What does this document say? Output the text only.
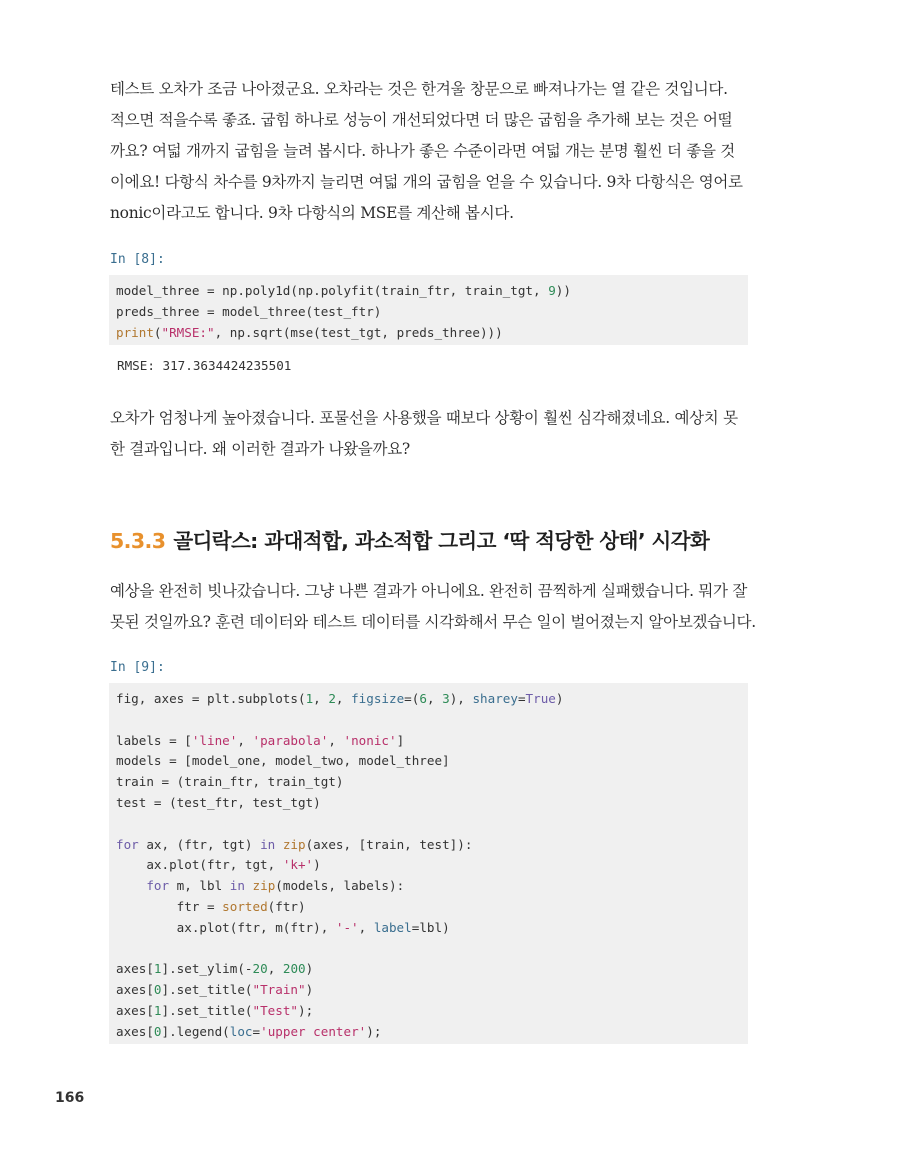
테스트 오차가 조금 나아졌군요. 오차라는 것은 한겨울 창문으로 빠져나가는 열 같은 것입니다.
적으면 적을수록 좋죠. 굽힘 하나로 성능이 개선되었다면 더 많은 굽힘을 추가해 보는 것은 어떨
까요? 여덟 개까지 굽힘을 늘려 봅시다. 하나가 좋은 수준이라면 여덟 개는 분명 훨씬 더 좋을 것
이에요! 다항식 차수를 9차까지 늘리면 여덟 개의 굽힘을 얻을 수 있습니다. 9차 다항식은 영어로
nonic이라고도 합니다. 9차 다항식의 MSE를 계산해 봅시다.

In [8]:

model_three = np.poly1d(np.polyfit(train_ftr, train_tgt, 9))
preds_three = model_three(test_ftr)
print("RMSE:", np.sqrt(mse(test_tgt, preds_three)))

RMSE: 317.3634424235501

오차가 엄청나게 높아졌습니다. 포물선을 사용했을 때보다 상황이 훨씬 심각해졌네요. 예상치 못
한 결과입니다. 왜 이러한 결과가 나왔을까요?
5.3.3 골디락스: 과대적합, 과소적합 그리고 ‘딱 적당한 상태’ 시각화
예상을 완전히 빗나갔습니다. 그냥 나쁜 결과가 아니에요. 완전히 끔찍하게 실패했습니다. 뭐가 잘
못된 것일까요? 훈련 데이터와 테스트 데이터를 시각화해서 무슨 일이 벌어졌는지 알아보겠습니다.

In [9]:

fig, axes = plt.subplots(1, 2, figsize=(6, 3), sharey=True)

labels = ['line', 'parabola', 'nonic']
models = [model_one, model_two, model_three]
train = (train_ftr, train_tgt)
test = (test_ftr, test_tgt)

for ax, (ftr, tgt) in zip(axes, [train, test]):
ax.plot(ftr, tgt, 'k+')
for m, lbl in zip(models, labels):
ftr = sorted(ftr)
ax.plot(ftr, m(ftr), '-', label=lbl)

axes[1].set_ylim(-20, 200)
axes[0].set_title("Train")
axes[1].set_title("Test");
axes[0].legend(loc='upper center');

166
